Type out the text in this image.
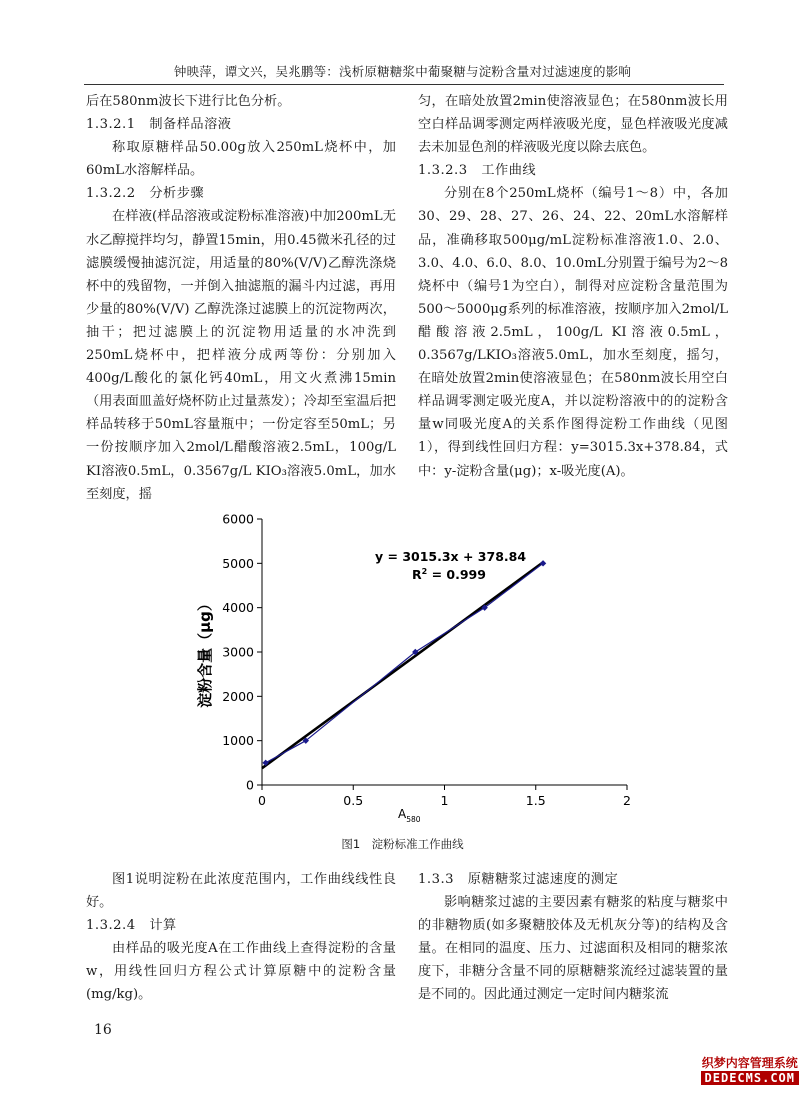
钟映萍，谭文兴，吴兆鹏等：浅析原糖糖浆中葡聚糖与淀粉含量对过滤速度的影响

后在580nm波长下进行比色分析。

1.3.2.1　制备样品溶液

称取原糖样品50.00g放入250mL烧杯中，加60mL水溶解样品。

1.3.2.2　分析步骤

在样液(样品溶液或淀粉标准溶液)中加200mL无水乙醇搅拌均匀，静置15min，用0.45微米孔径的过滤膜缓慢抽滤沉淀，用适量的80%(V/V)乙醇洗涤烧杯中的残留物，一并倒入抽滤瓶的漏斗内过滤，再用少量的80%(V/V) 乙醇洗涤过滤膜上的沉淀物两次，抽干；把过滤膜上的沉淀物用适量的水冲洗到250mL烧杯中，把样液分成两等份：分别加入400g/L酸化的氯化钙40mL，用文火煮沸15min（用表面皿盖好烧杯防止过量蒸发）；冷却至室温后把样品转移于50mL容量瓶中；一份定容至50mL；另一份按顺序加入2mol/L醋酸溶液2.5mL，100g/L KI溶液0.5mL，0.3567g/L KIO₃溶液5.0mL，加水至刻度，摇

匀，在暗处放置2min使溶液显色；在580nm波长用空白样品调零测定两样液吸光度，显色样液吸光度减去未加显色剂的样液吸光度以除去底色。

1.3.2.3　工作曲线

分别在8个250mL烧杯（编号1～8）中，各加30、29、28、27、26、24、22、20mL水溶解样品，准确移取500μg/mL淀粉标准溶液1.0、2.0、3.0、4.0、6.0、8.0、10.0mL分别置于编号为2～8烧杯中（编号1为空白），制得对应淀粉含量范围为500～5000μg系列的标准溶液，按顺序加入2mol/L醋酸溶液2.5mL，100g/L KI溶液0.5mL，0.3567g/LKIO₃溶液5.0mL，加水至刻度，摇匀，在暗处放置2min使溶液显色；在580nm波长用空白样品调零测定吸光度A，并以淀粉溶液中的的淀粉含量w同吸光度A的关系作图得淀粉工作曲线（见图1），得到线性回归方程：y=3015.3x+378.84，式中：y-淀粉含量(μg)；x-吸光度(A)。

0
1000
2000
3000
4000
5000
6000
0	0.5	1	1.5	2
$A_{580}$
淀粉含量（μg）
y = 3015.3x + 378.84
$R^2 = 0.999$
图1　淀粉标准工作曲线

图1说明淀粉在此浓度范围内，工作曲线线性良好。

1.3.2.4　计算

由样品的吸光度A在工作曲线上查得淀粉的含量w，用线性回归方程公式计算原糖中的淀粉含量(mg/kg)。

1.3.3　原糖糖浆过滤速度的测定

影响糖浆过滤的主要因素有糖浆的粘度与糖浆中的非糖物质(如多聚糖胶体及无机灰分等)的结构及含量。在相同的温度、压力、过滤面积及相同的糖浆浓度下，非糖分含量不同的原糖糖浆流经过滤装置的量是不同的。因此通过测定一定时间内糖浆流

16
织梦内容管理系统
DEDECMS.COM
